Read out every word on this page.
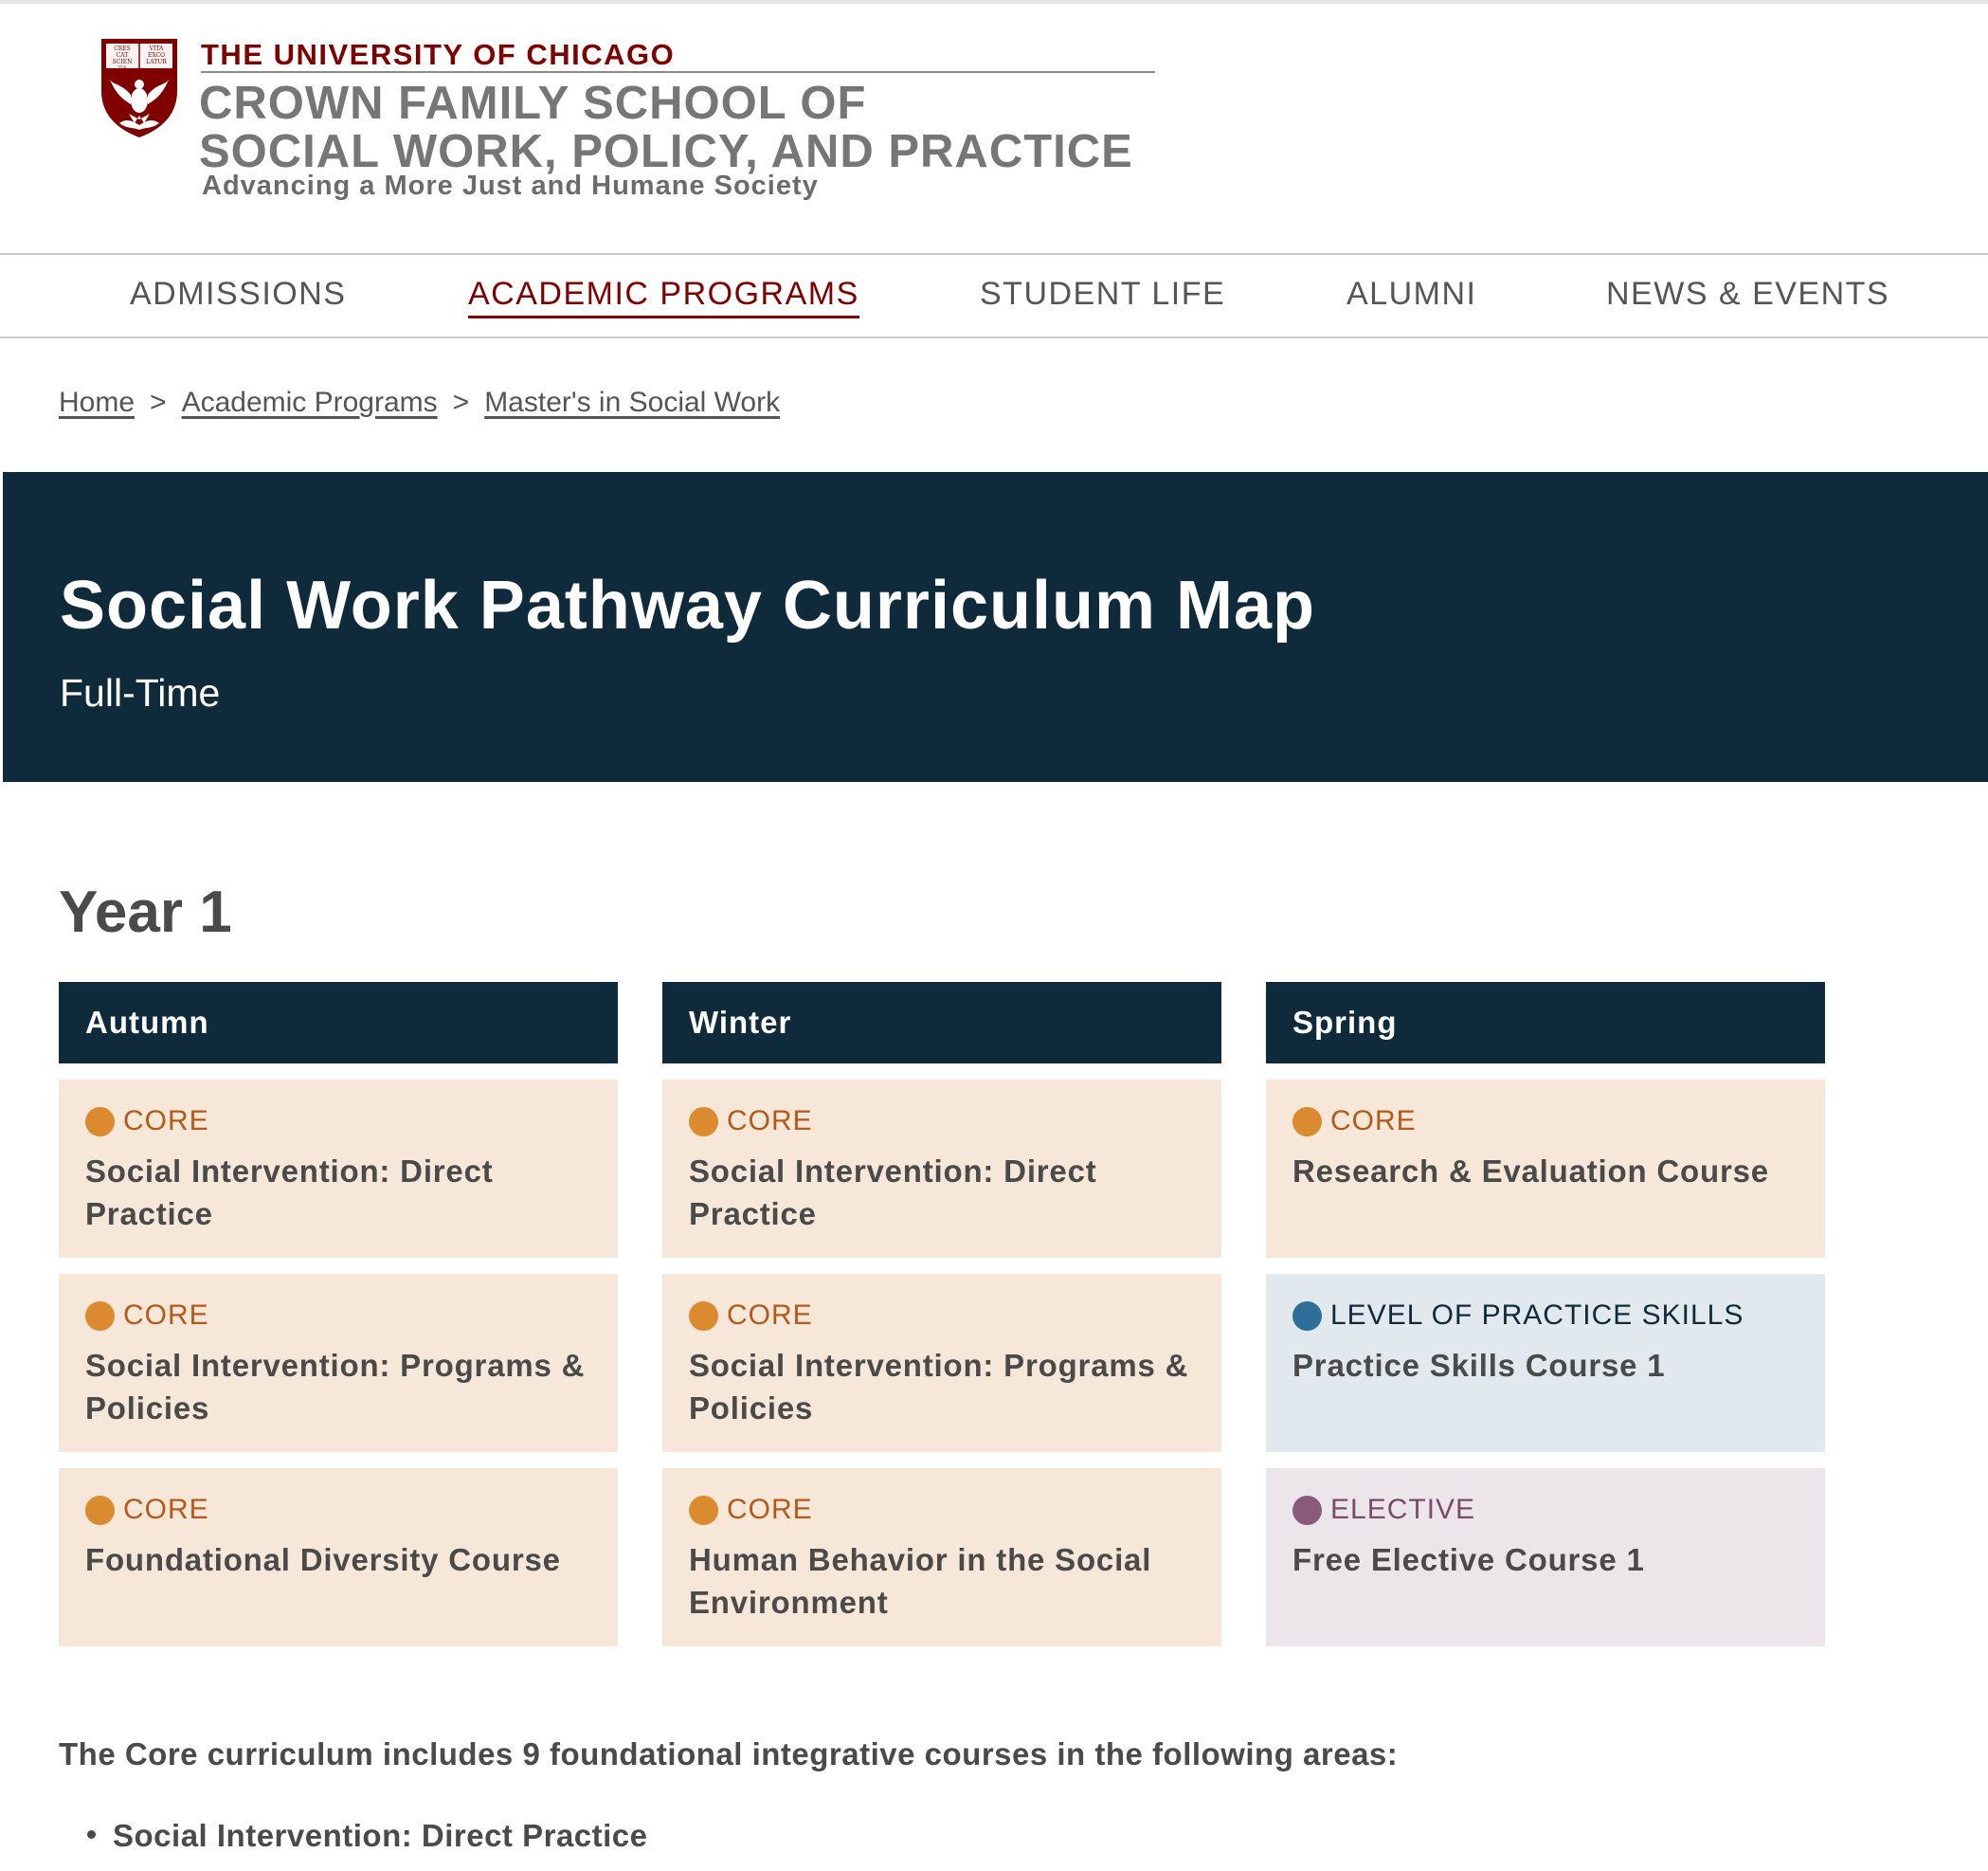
CRES
CAT
SCIEN
TIA
VITA
EXCO
LATUR THE UNIVERSITY OF CHICAGO
CROWN FAMILY SCHOOL OF
SOCIAL WORK, POLICY, AND PRACTICE
Advancing a More Just and Humane Society
ADMISSIONS	ACADEMIC PROGRAMS	STUDENT LIFE	ALUMNI	NEWS & EVENTS
Home > Academic Programs > Master's in Social Work
Social Work Pathway Curriculum Map
Full-Time
Year 1
Autumn
CORE
Social Intervention: Direct Practice
CORE
Social Intervention: Programs & Policies
CORE
Foundational Diversity Course
Winter
CORE
Social Intervention: Direct Practice
CORE
Social Intervention: Programs & Policies
CORE
Human Behavior in the Social Environment
Spring
CORE
Research & Evaluation Course
LEVEL OF PRACTICE SKILLS
Practice Skills Course 1
ELECTIVE
Free Elective Course 1

The Core curriculum includes 9 foundational integrative courses in the following areas:

Social Intervention: Direct Practice
